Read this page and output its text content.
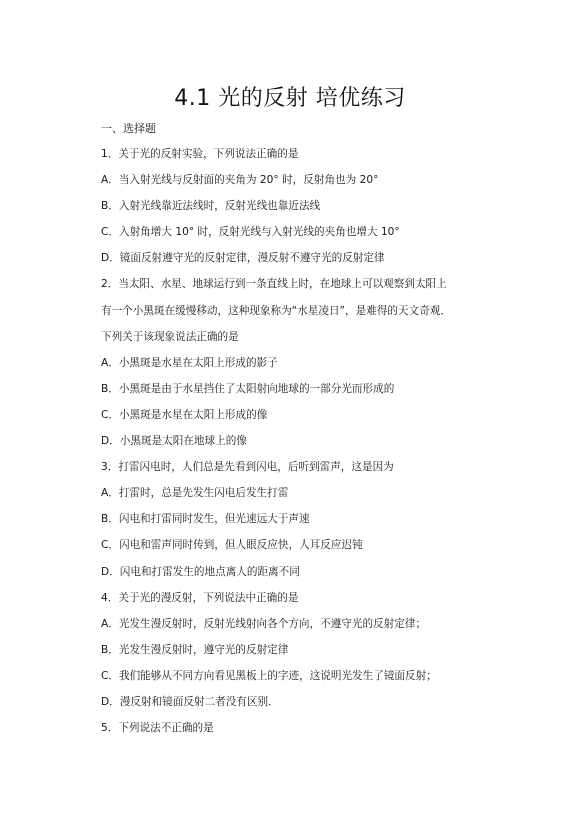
4.1 光的反射 培优练习
一、选择题
1．关于光的反射实验，下列说法正确的是
A．当入射光线与反射面的夹角为 20° 时，反射角也为 20°
B．入射光线靠近法线时，反射光线也靠近法线
C．入射角增大 10° 时，反射光线与入射光线的夹角也增大 10°
D．镜面反射遵守光的反射定律，漫反射不遵守光的反射定律
2．当太阳、水星、地球运行到一条直线上时，在地球上可以观察到太阳上
有一个小黑斑在缓慢移动，这种现象称为“水星凌日”，是难得的天文奇观．
下列关于该现象说法正确的是
A．小黑斑是水星在太阳上形成的影子
B．小黑斑是由于水星挡住了太阳射向地球的一部分光而形成的
C．小黑斑是水星在太阳上形成的像
D．小黑斑是太阳在地球上的像
3．打雷闪电时，人们总是先看到闪电，后听到雷声，这是因为
A．打雷时，总是先发生闪电后发生打雷
B．闪电和打雷同时发生，但光速远大于声速
C．闪电和雷声同时传到，但人眼反应快，人耳反应迟钝
D．闪电和打雷发生的地点离人的距离不同
4．关于光的漫反射，下列说法中正确的是
A．光发生漫反射时，反射光线射向各个方向，不遵守光的反射定律；
B．光发生漫反射时，遵守光的反射定律
C．我们能够从不同方向看见黑板上的字迹，这说明光发生了镜面反射；
D．漫反射和镜面反射二者没有区别．
5．下列说法不正确的是
